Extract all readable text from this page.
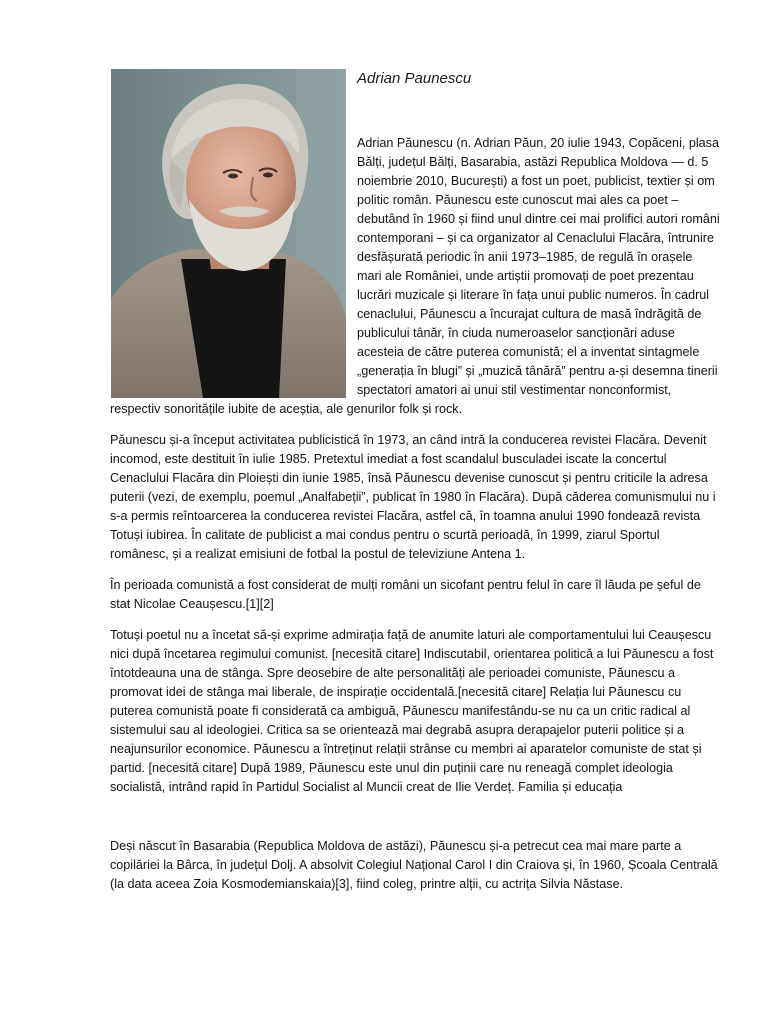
Adrian Paunescu

Adrian Păunescu (n. Adrian Păun, 20 iulie 1943, Copăceni, plasa Bălți, județul Bălți, Basarabia, astăzi Republica Moldova — d. 5 noiembrie 2010, București) a fost un poet, publicist, textier și om politic român. Păunescu este cunoscut mai ales ca poet – debutând în 1960 și fiind unul dintre cei mai prolifici autori români contemporani – și ca organizator al Cenaclului Flacăra, întrunire desfășurată periodic în anii 1973–1985, de regulă în orașele mari ale României, unde artiștii promovați de poet prezentau lucrări muzicale și literare în fața unui public numeros. În cadrul cenaclului, Păunescu a încurajat cultura de masă îndrăgită de publicului tânăr, în ciuda numeroaselor sancționări aduse acesteia de către puterea comunistă; el a inventat sintagmele „generația în blugi” și „muzică tânără” pentru a-și desemna tinerii spectatori amatori ai unui stil vestimentar nonconformist, respectiv sonoritățile iubite de aceștia, ale genurilor folk și rock.

Păunescu și-a început activitatea publicistică în 1973, an când intră la conducerea revistei Flacăra. Devenit incomod, este destituit în iulie 1985. Pretextul imediat a fost scandalul busculadei iscate la concertul Cenaclului Flacăra din Ploiești din iunie 1985, însă Păunescu devenise cunoscut și pentru criticile la adresa puterii (vezi, de exemplu, poemul „Analfabeții”, publicat în 1980 în Flacăra). După căderea comunismului nu i s-a permis reîntoarcerea la conducerea revistei Flacăra, astfel că, în toamna anului 1990 fondează revista Totuși iubirea. În calitate de publicist a mai condus pentru o scurtă perioadă, în 1999, ziarul Sportul românesc, și a realizat emisiuni de fotbal la postul de televiziune Antena 1.

În perioada comunistă a fost considerat de mulți români un sicofant pentru felul în care îl lăuda pe șeful de stat Nicolae Ceaușescu.[1][2]

Totuși poetul nu a încetat să-și exprime admirația față de anumite laturi ale comportamentului lui Ceaușescu nici după încetarea regimului comunist. [necesită citare] Indiscutabil, orientarea politică a lui Păunescu a fost întotdeauna una de stânga. Spre deosebire de alte personalități ale perioadei comuniste, Păunescu a promovat idei de stânga mai liberale, de inspirație occidentală.[necesită citare] Relația lui Păunescu cu puterea comunistă poate fi considerată ca ambiguă, Păunescu manifestându-se nu ca un critic radical al sistemului sau al ideologiei. Critica sa se orientează mai degrabă asupra derapajelor puterii politice și a neajunsurilor economice. Păunescu a întreținut relații strânse cu membri ai aparatelor comuniste de stat și partid. [necesită citare] După 1989, Păunescu este unul din puținii care nu reneagă complet ideologia socialistă, intrând rapid în Partidul Socialist al Muncii creat de Ilie Verdeț. Familia și educația

Deși născut în Basarabia (Republica Moldova de astăzi), Păunescu și-a petrecut cea mai mare parte a copilăriei la Bârca, în județul Dolj. A absolvit Colegiul Național Carol I din Craiova și, în 1960, Școala Centrală (la data aceea Zoia Kosmodemianskaia)[3], fiind coleg, printre alții, cu actrița Silvia Năstase.
